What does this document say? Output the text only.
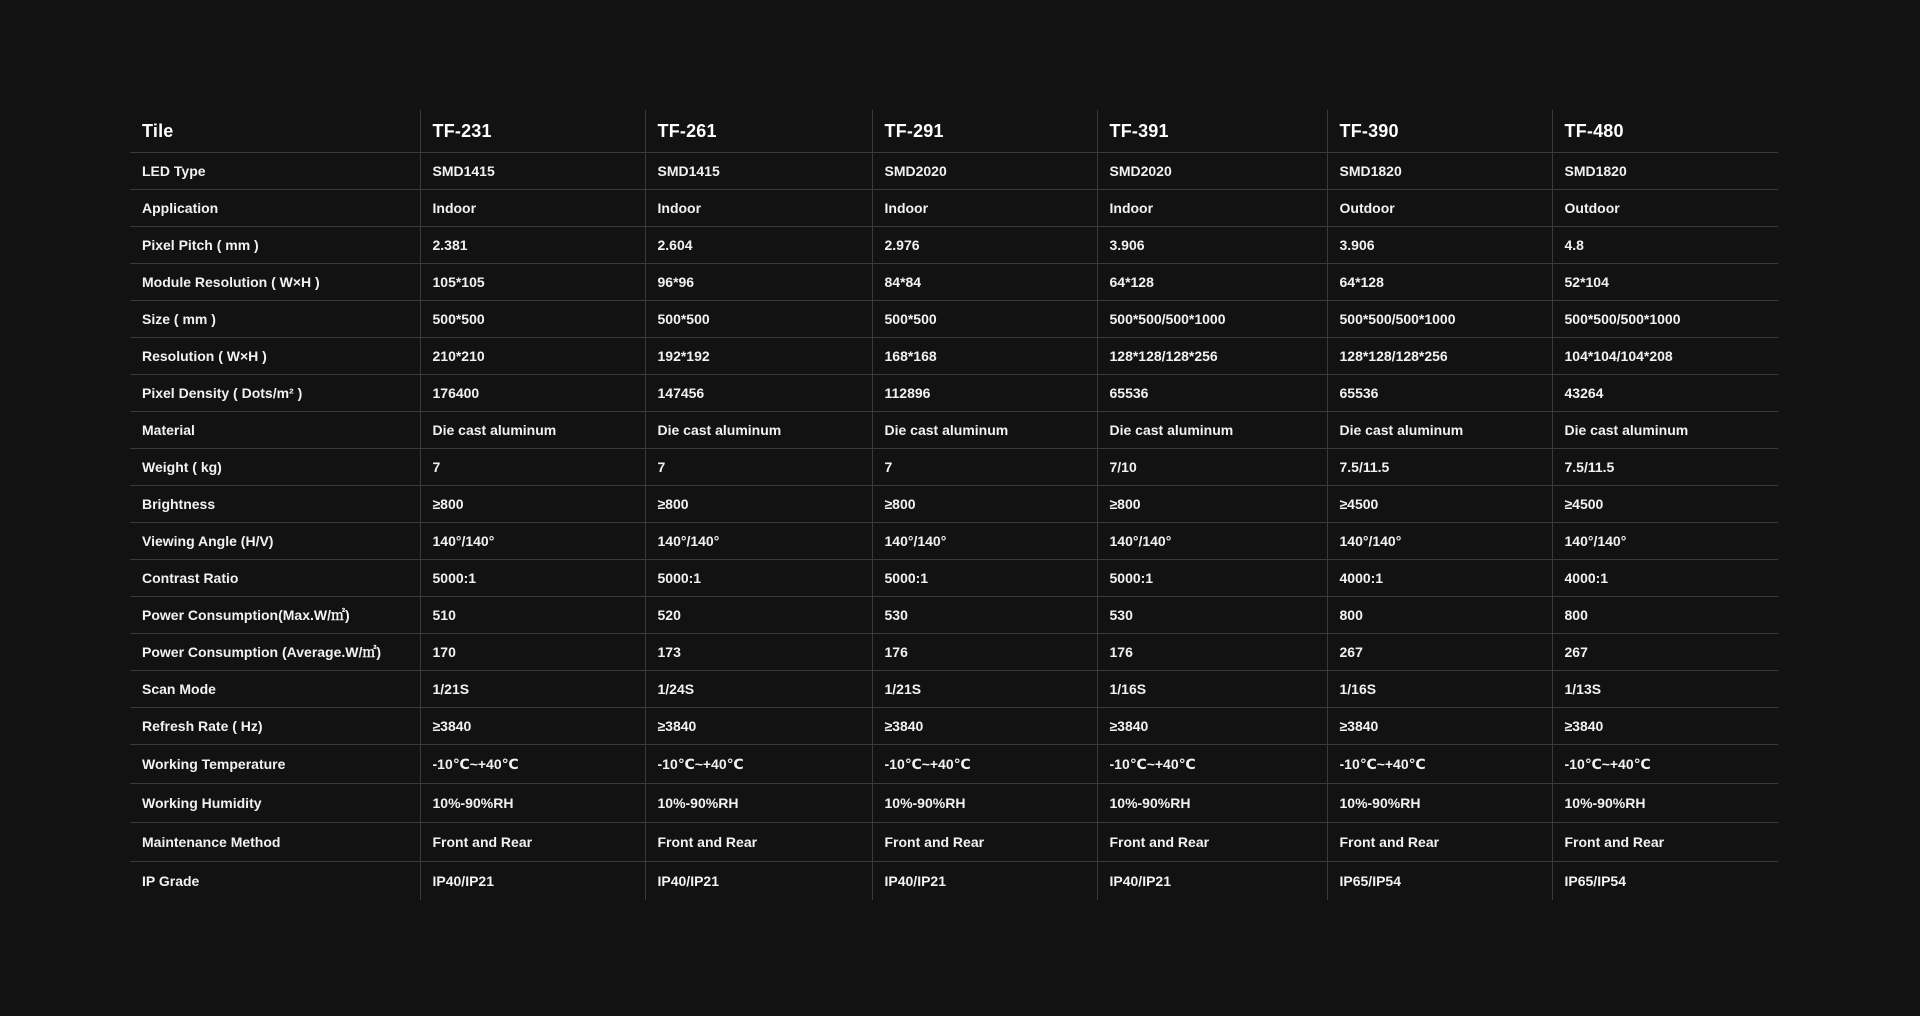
Tile	TF-231	TF-261	TF-291	TF-391	TF-390	TF-480
LED Type	SMD1415	SMD1415	SMD2020	SMD2020	SMD1820	SMD1820
Application	Indoor	Indoor	Indoor	Indoor	Outdoor	Outdoor
Pixel Pitch ( mm )	2.381	2.604	2.976	3.906	3.906	4.8
Module Resolution ( W×H )	105*105	96*96	84*84	64*128	64*128	52*104
Size ( mm )	500*500	500*500	500*500	500*500/500*1000	500*500/500*1000	500*500/500*1000
Resolution ( W×H )	210*210	192*192	168*168	128*128/128*256	128*128/128*256	104*104/104*208
Pixel Density ( Dots/m² )	176400	147456	112896	65536	65536	43264
Material	Die cast aluminum	Die cast aluminum	Die cast aluminum	Die cast aluminum	Die cast aluminum	Die cast aluminum
Weight ( kg)	7	7	7	7/10	7.5/11.5	7.5/11.5
Brightness	≥800	≥800	≥800	≥800	≥4500	≥4500
Viewing Angle (H/V)	140°/140°	140°/140°	140°/140°	140°/140°	140°/140°	140°/140°
Contrast Ratio	5000:1	5000:1	5000:1	5000:1	4000:1	4000:1
Power Consumption(Max.W/㎡)	510	520	530	530	800	800
Power Consumption (Average.W/㎡)	170	173	176	176	267	267
Scan Mode	1/21S	1/24S	1/21S	1/16S	1/16S	1/13S
Refresh Rate ( Hz)	≥3840	≥3840	≥3840	≥3840	≥3840	≥3840
Working Temperature	-10℃~+40℃	-10℃~+40℃	-10℃~+40℃	-10℃~+40℃	-10℃~+40℃	-10℃~+40℃
Working Humidity	10%-90%RH	10%-90%RH	10%-90%RH	10%-90%RH	10%-90%RH	10%-90%RH
Maintenance Method	Front and Rear	Front and Rear	Front and Rear	Front and Rear	Front and Rear	Front and Rear
IP Grade	IP40/IP21	IP40/IP21	IP40/IP21	IP40/IP21	IP65/IP54	IP65/IP54
